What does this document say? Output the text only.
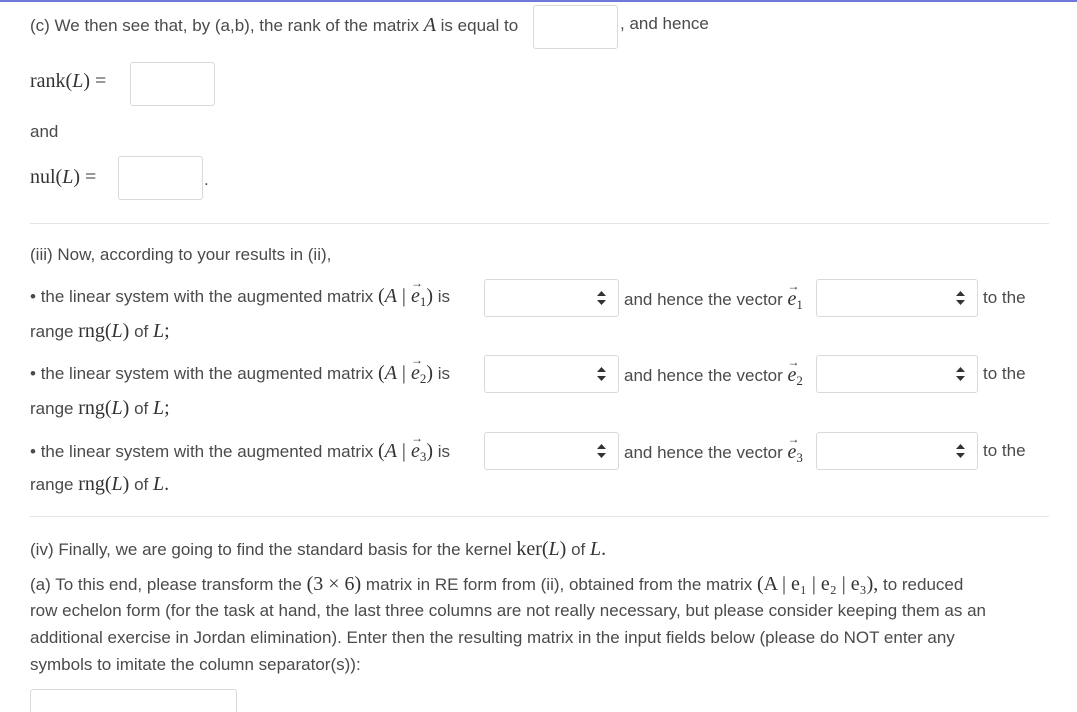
(c) We then see that, by (a,b), the rank of the matrix A is equal to	, and hence
rank(L) =
and
nul(L) =	.
(iii) Now, according to your results in (ii),
• the linear system with the augmented matrix (A | → $e_1$) is	and hence the vector → $e_1$	to the
range rng(L) of L;
• the linear system with the augmented matrix (A | → $e_2$) is	and hence the vector → $e_2$	to the
range rng(L) of L;
• the linear system with the augmented matrix (A | → $e_3$) is	and hence the vector → $e_3$	to the
range rng(L) of L.
(iv) Finally, we are going to find the standard basis for the kernel ker(L) of L.
(a) To this end, please transform the (3 × 6) matrix in RE form from (ii), obtained from the matrix (A | e₁ | e₂ | e₃), to reduced
row echelon form (for the task at hand, the last three columns are not really necessary, but please consider keeping them as an
additional exercise in Jordan elimination). Enter then the resulting matrix in the input fields below (please do NOT enter any
symbols to imitate the column separator(s)):
